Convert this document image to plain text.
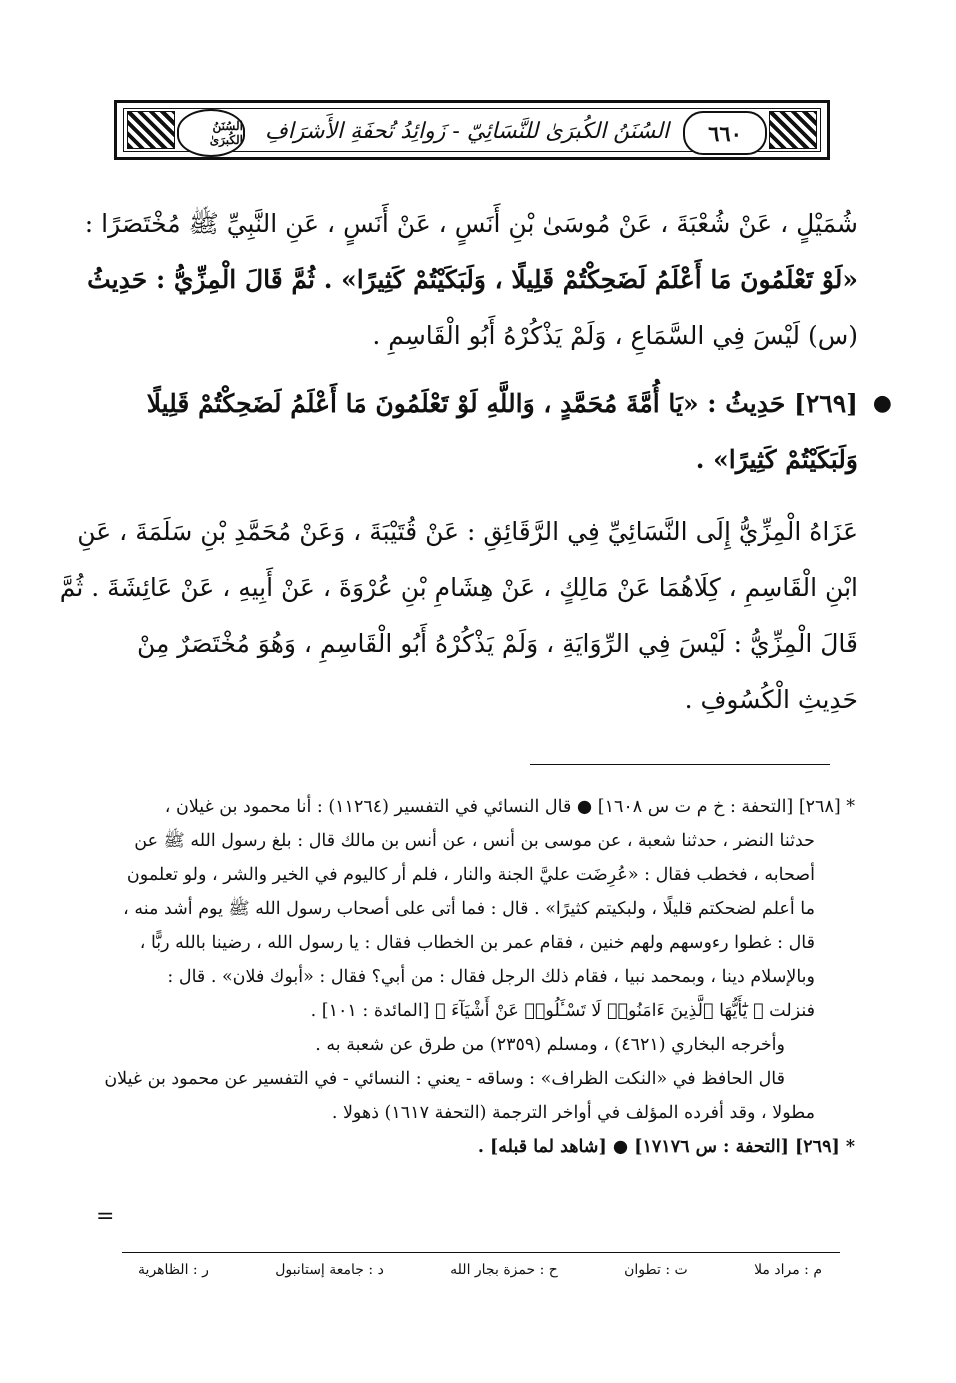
السُنَنُ الكُبرَىٰ السُنَنُ الكُبرَىٰ للنَّسَائِيّ - زَوائِدُ تُحفَةِ الأَشرَافِ	٦٦٠
شُمَيْلٍ ، عَنْ شُعْبَةَ ، عَنْ مُوسَىٰ بْنِ أَنَسٍ ، عَنْ أَنَسٍ ، عَنِ النَّبِيِّ ﷺ مُخْتَصَرًا :
«لَوْ تَعْلَمُونَ مَا أَعْلَمُ لَضَحِكْتُمْ قَلِيلًا ، وَلَبَكَيْتُمْ كَثِيرًا» . ثُمَّ قَالَ الْمِزِّيُّ : حَدِيثُ
(س) لَيْسَ فِي السَّمَاعِ ، وَلَمْ يَذْكُرْهُ أَبُو الْقَاسِمِ .
●
[٢٦٩] حَدِيثُ : «يَا أُمَّةَ مُحَمَّدٍ ، وَاللَّهِ لَوْ تَعْلَمُونَ مَا أَعْلَمُ لَضَحِكْتُمْ قَلِيلًا
وَلَبَكَيْتُمْ كَثِيرًا» .
عَزَاهُ الْمِزِّيُّ إِلَى النَّسَائِيِّ فِي الرَّقَائِقِ : عَنْ قُتَيْبَةَ ، وَعَنْ مُحَمَّدِ بْنِ سَلَمَةَ ، عَنِ
ابْنِ الْقَاسِمِ ، كِلَاهُمَا عَنْ مَالِكٍ ، عَنْ هِشَامِ بْنِ عُرْوَةَ ، عَنْ أَبِيهِ ، عَنْ عَائِشَةَ . ثُمَّ
قَالَ الْمِزِّيُّ : لَيْسَ فِي الرِّوَايَةِ ، وَلَمْ يَذْكُرْهُ أَبُو الْقَاسِمِ ، وَهُوَ مُخْتَصَرٌ مِنْ
حَدِيثِ الْكُسُوفِ .
* [٢٦٨] [التحفة : خ م ت س ١٦٠٨] ● قال النسائي في التفسير (١١٢٦٤) : أنا محمود بن غيلان ،
حدثنا النضر ، حدثنا شعبة ، عن موسى بن أنس ، عن أنس بن مالك قال : بلغ رسول الله ﷺ عن
أصحابه ، فخطب فقال : «عُرِضَت عليَّ الجنة والنار ، فلم أر كاليوم في الخير والشر ، ولو تعلمون
ما أعلم لضحكتم قليلًا ، ولبكيتم كثيرًا» . قال : فما أتى على أصحاب رسول الله ﷺ يوم أشد منه ،
قال : غطوا رءوسهم ولهم خنين ، فقام عمر بن الخطاب فقال : يا رسول الله ، رضينا بالله ربًّا ،
وبالإسلام دينا ، وبمحمد نبيا ، فقام ذلك الرجل فقال : من أبي؟ فقال : «أبوك فلان» . قال :
فنزلت ﴿ يَٰٓأَيُّهَا ٱلَّذِينَ ءَامَنُوا۟ لَا تَسْـَٔلُوا۟ عَنْ أَشْيَآءَ ﴾ [المائدة : ١٠١] .
وأخرجه البخاري (٤٦٢١) ، ومسلم (٢٣٥٩) من طرق عن شعبة به .
قال الحافظ في «النكت الظراف» : وساقه - يعني : النسائي - في التفسير عن محمود بن غيلان
مطولا ، وقد أفرده المؤلف في أواخر الترجمة (التحفة ١٦١٧) ذهولا .
* [٢٦٩] [التحفة : س ١٧١٧٦] ● [شاهد لما قبله] .
=
م : مراد ملا
ت : تطوان
ح : حمزة بجار الله
د : جامعة إستانبول
ر : الظاهرية
